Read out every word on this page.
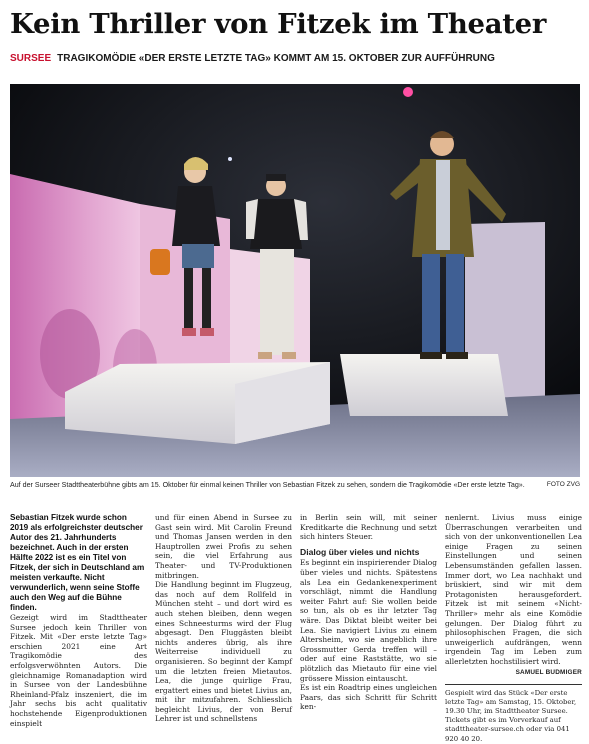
Kein Thriller von Fitzek im Theater
SURSEE TRAGIKOMÖDIE «DER ERSTE LETZTE TAG» KOMMT AM 15. OKTOBER ZUR AUFFÜHRUNG
Auf der Surseer Stadttheaterbühne gibts am 15. Oktober für einmal keinen Thriller von Sebastian Fitzek zu sehen, sondern die Tragikomödie «Der erste letzte Tag».	FOTO ZVG

Sebastian Fitzek wurde schon 2019 als erfolgreichster deutscher Autor des 21. Jahrhunderts bezeichnet. Auch in der ersten Hälfte 2022 ist es ein Titel von Fitzek, der sich in Deutschland am meisten verkaufte. Nicht verwunderlich, wenn seine Stoffe auch den Weg auf die Bühne finden.

Gezeigt wird im Stadttheater Sursee jedoch kein Thriller von Fitzek. Mit «Der erste letzte Tag» erschien 2021 eine Art Tragikomödie des erfolgsverwöhnten Autors. Die gleichnamige Romanadaption wird in Sursee von der Landesbühne Rheinland-Pfalz inszeniert, die im Jahr sechs bis acht qualitativ hochstehende Eigenproduktionen einspielt

und für einen Abend in Sursee zu Gast sein wird. Mit Carolin Freund und Thomas Jansen werden in den Hauptrollen zwei Profis zu sehen sein, die viel Erfahrung aus Theater- und TV-Produktionen mitbringen.

Die Handlung beginnt im Flugzeug, das noch auf dem Rollfeld in München steht – und dort wird es auch stehen bleiben, denn wegen eines Schneesturms wird der Flug abgesagt. Den Fluggästen bleibt nichts anderes übrig, als ihre Weiterreise individuell zu organisieren. So beginnt der Kampf um die letzten freien Mietautos. Lea, die junge quirlige Frau, ergattert eines und bietet Livius an, mit ihr mitzufahren. Schliesslich begleicht Livius, der von Beruf Lehrer ist und schnellstens

in Berlin sein will, mit seiner Kreditkarte die Rechnung und setzt sich hinters Steuer.

Dialog über vieles und nichts

Es beginnt ein inspirierender Dialog über vieles und nichts. Spätestens als Lea ein Gedankenexperiment vorschlägt, nimmt die Handlung weiter Fahrt auf: Sie wollen beide so tun, als ob es ihr letzter Tag wäre. Das Diktat bleibt weiter bei Lea. Sie navigiert Livius zu einem Altersheim, wo sie angeblich ihre Grossmutter Gerda treffen will – oder auf eine Raststätte, wo sie plötzlich das Mietauto für eine viel grössere Mission eintauscht.

Es ist ein Roadtrip eines ungleichen Paars, das sich Schritt für Schritt ken-

nenlernt. Livius muss einige Überraschungen verarbeiten und sich von der unkonventionellen Lea einige Fragen zu seinen Einstellungen und seinen Lebensumständen gefallen lassen. Immer dort, wo Lea nachhakt und brüskiert, sind wir mit dem Protagonisten herausgefordert. Fitzek ist mit seinem «Nicht-Thriller» mehr als eine Komödie gelungen. Der Dialog führt zu philosophischen Fragen, die sich unweigerlich aufdrängen, wenn irgendein Tag im Leben zum allerletzten hochstilisiert wird.

SAMUEL BUDMIGER
Gespielt wird das Stück «Der erste letzte Tag» am Samstag, 15. Oktober, 19.30 Uhr, im Stadttheater Sursee. Tickets gibt es im Vorverkauf auf stadttheater-sursee.ch oder via 041 920 40 20.
